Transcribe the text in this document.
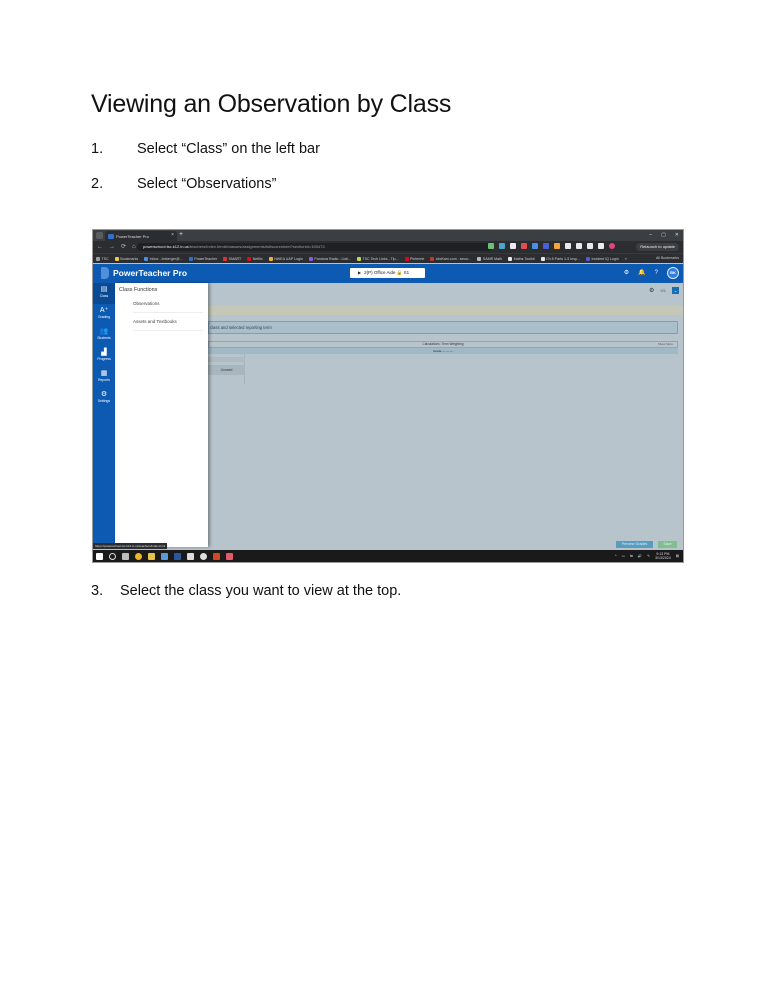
Viewing an Observation by Class
1. Select “Class” on the left bar
2. Select “Observations”
PowerTeacher Pro	× +	– ▢ ✕
← → ⟳ ⌂	powerschool.tsc.k12.in.us/teachers/index.html#/classes/assignments/fullscoresheet?sectionId=155473	Relaunch to update
TSC	Bookmarks	Inbox - bnberger@...	PowerTeacher	SMART	Netflix	NWEA UAP Login	Pandora Radio - Listi...	TSC Tech Links - Tip...	Pinterest	abcKam.com : secur...	SAMR Math	Maths Toolkit	Ch 8 Parts 1-5 Insp...	Incident IQ Login »	All Bookmarks
PowerTeacher Pro	▶ 2(P) Office Aide 🔒 S1	⚙ 🔔 ?	BK
▤
Class
A⁺
Grading
👥
Students
▟
Progress
▦
Reports
⚙
Settings
⚙ 0/1	⌄
class and selected reporting term
Calculations: Term Weighting	Show More
Grade — — —
Unused
Class Functions
Observations
Assets and Textbooks
Preview Grades	Save
https://powerschool.tsc.k12.in.us/teachers/index.html
^ ▭ ⇆ 🔊 ✎	9:13 PM
3/13/2024 ▤
3. Select the class you want to view at the top.
